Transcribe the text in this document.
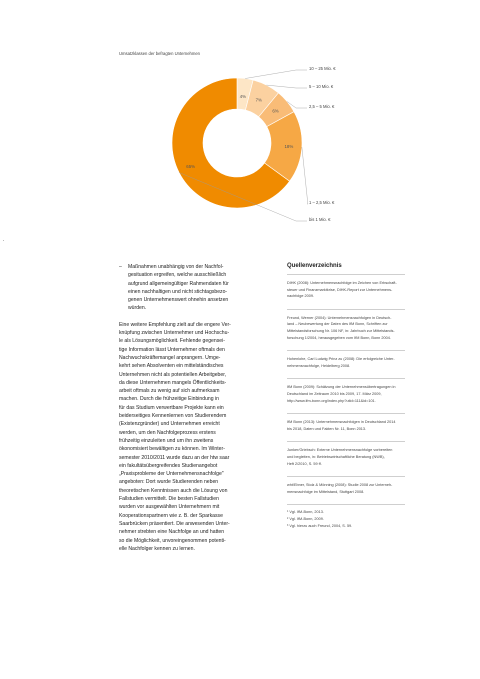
Umsatzklassen der befragten Unternehmen
4%
7%
6%
18%
65%
10 – 25 Mio. €
5 – 10 Mio. €
2,5 – 5 Mio. €
1 – 2,5 Mio. €
bis 1 Mio. €
–	Maßnahmen unabhängig von der Nachfol-
gesituation ergreifen, welche ausschließlich
aufgrund allgemeingültiger Rahmendaten für
einen nachhaltigen und nicht stichtagsbezo-
genen Unternehmenswert ohnehin ansetzen
würden.
Eine weitere Empfehlung zielt auf die engere Ver-
knüpfung zwischen Unternehmer und Hochschu-
le als Lösungsmöglichkeit. Fehlende gegensei-
tige Information lässt Unternehmer oftmals den
Nachwuchskräftemangel anprangern. Umge-
kehrt sehen Absolventen ein mittelständisches
Unternehmen nicht als potentiellen Arbeitgeber,
da diese Unternehmen mangels Öffentlichkeits-
arbeit oftmals zu wenig auf sich aufmerksam
machen. Durch die frühzeitige Einbindung in
für das Studium verwertbare Projekte kann ein
beiderseitiges Kennenlernen von Studierendem
(Existenzgründer) und Unternehmen erreicht
werden, um den Nachfolgeprozess erstens
frühzeitig einzuleiten und um ihn zweitens
ökonomisiert bewältigen zu können. Im Winter-
semester 2010/2011 wurde dazu an der htw saar
ein fakultätsübergreifendes Studienangebot
„Praxisprobleme der Unternehmensnachfolge"
angeboten: Dort wurde Studierenden neben
theoretischen Kenntnissen auch die Lösung von
Fallstudien vermittelt. Die besten Fallstudien
wurden vor ausgewählten Unternehmern mit
Kooperationspartnern wie z. B. der Sparkasse
Saarbrücken präsentiert. Die anwesenden Unter-
nehmer strebten eine Nachfolge an und hatten
so die Möglichkeit, unvoreingenommen potenti-
elle Nachfolger kennen zu lernen.
Quellenverzeichnis
DIHK (2008): Unternehmensnachfolge im Zeichen von Erbschaft-
steuer und Finanzmarktkrise, DIHK-Report zur Unternehmens-
nachfolge 2009.
Freund, Werner (2004): Unternehmensnachfolgen in Deutsch-
land – Neubewertung der Daten des IfM Bonn, Schriften zur
Mittelstandsforschung Nr. 106 NF, in: Jahrbuch zur Mittelstands-
forschung 1/2004, herausgegeben vom IfM Bonn, Bonn 2004.
Hohenlohe, Carl Ludwig Prinz zu (2008): Die erfolgreiche Unter-
nehmensnachfolge, Heidelberg 2008.
IfM Bonn (2009): Schätzung der Unternehmensübertragungen in
Deutschland im Zeitraum 2010 bis 2009, 17. März 2009,
http://www.ifm-bonn.org/index.php?utid=111&id=101.
IfM Bonn (2013): Unternehmensnachfolgen in Deutschland 2014
bis 2018, Daten und Fakten Nr. 11, Bonn 2013.
Junker/Griebsch: Externe Unternehmensnachfolge vorbereiten
und begleiten, in: Betriebswirtschaftliche Beratung (NWB),
Heft 2/2010, S. 59 ff.
wht/Ebner, Stolz & Mönning (2008): Studie 2008 zur Unterneh-
mensnachfolge im Mittelstand, Stuttgart 2008.
¹ Vgl. IfM-Bonn, 2013.
² Vgl. IfM-Bonn, 2009.
³ Vgl. hierzu auch Freund, 2004, S. 59.
